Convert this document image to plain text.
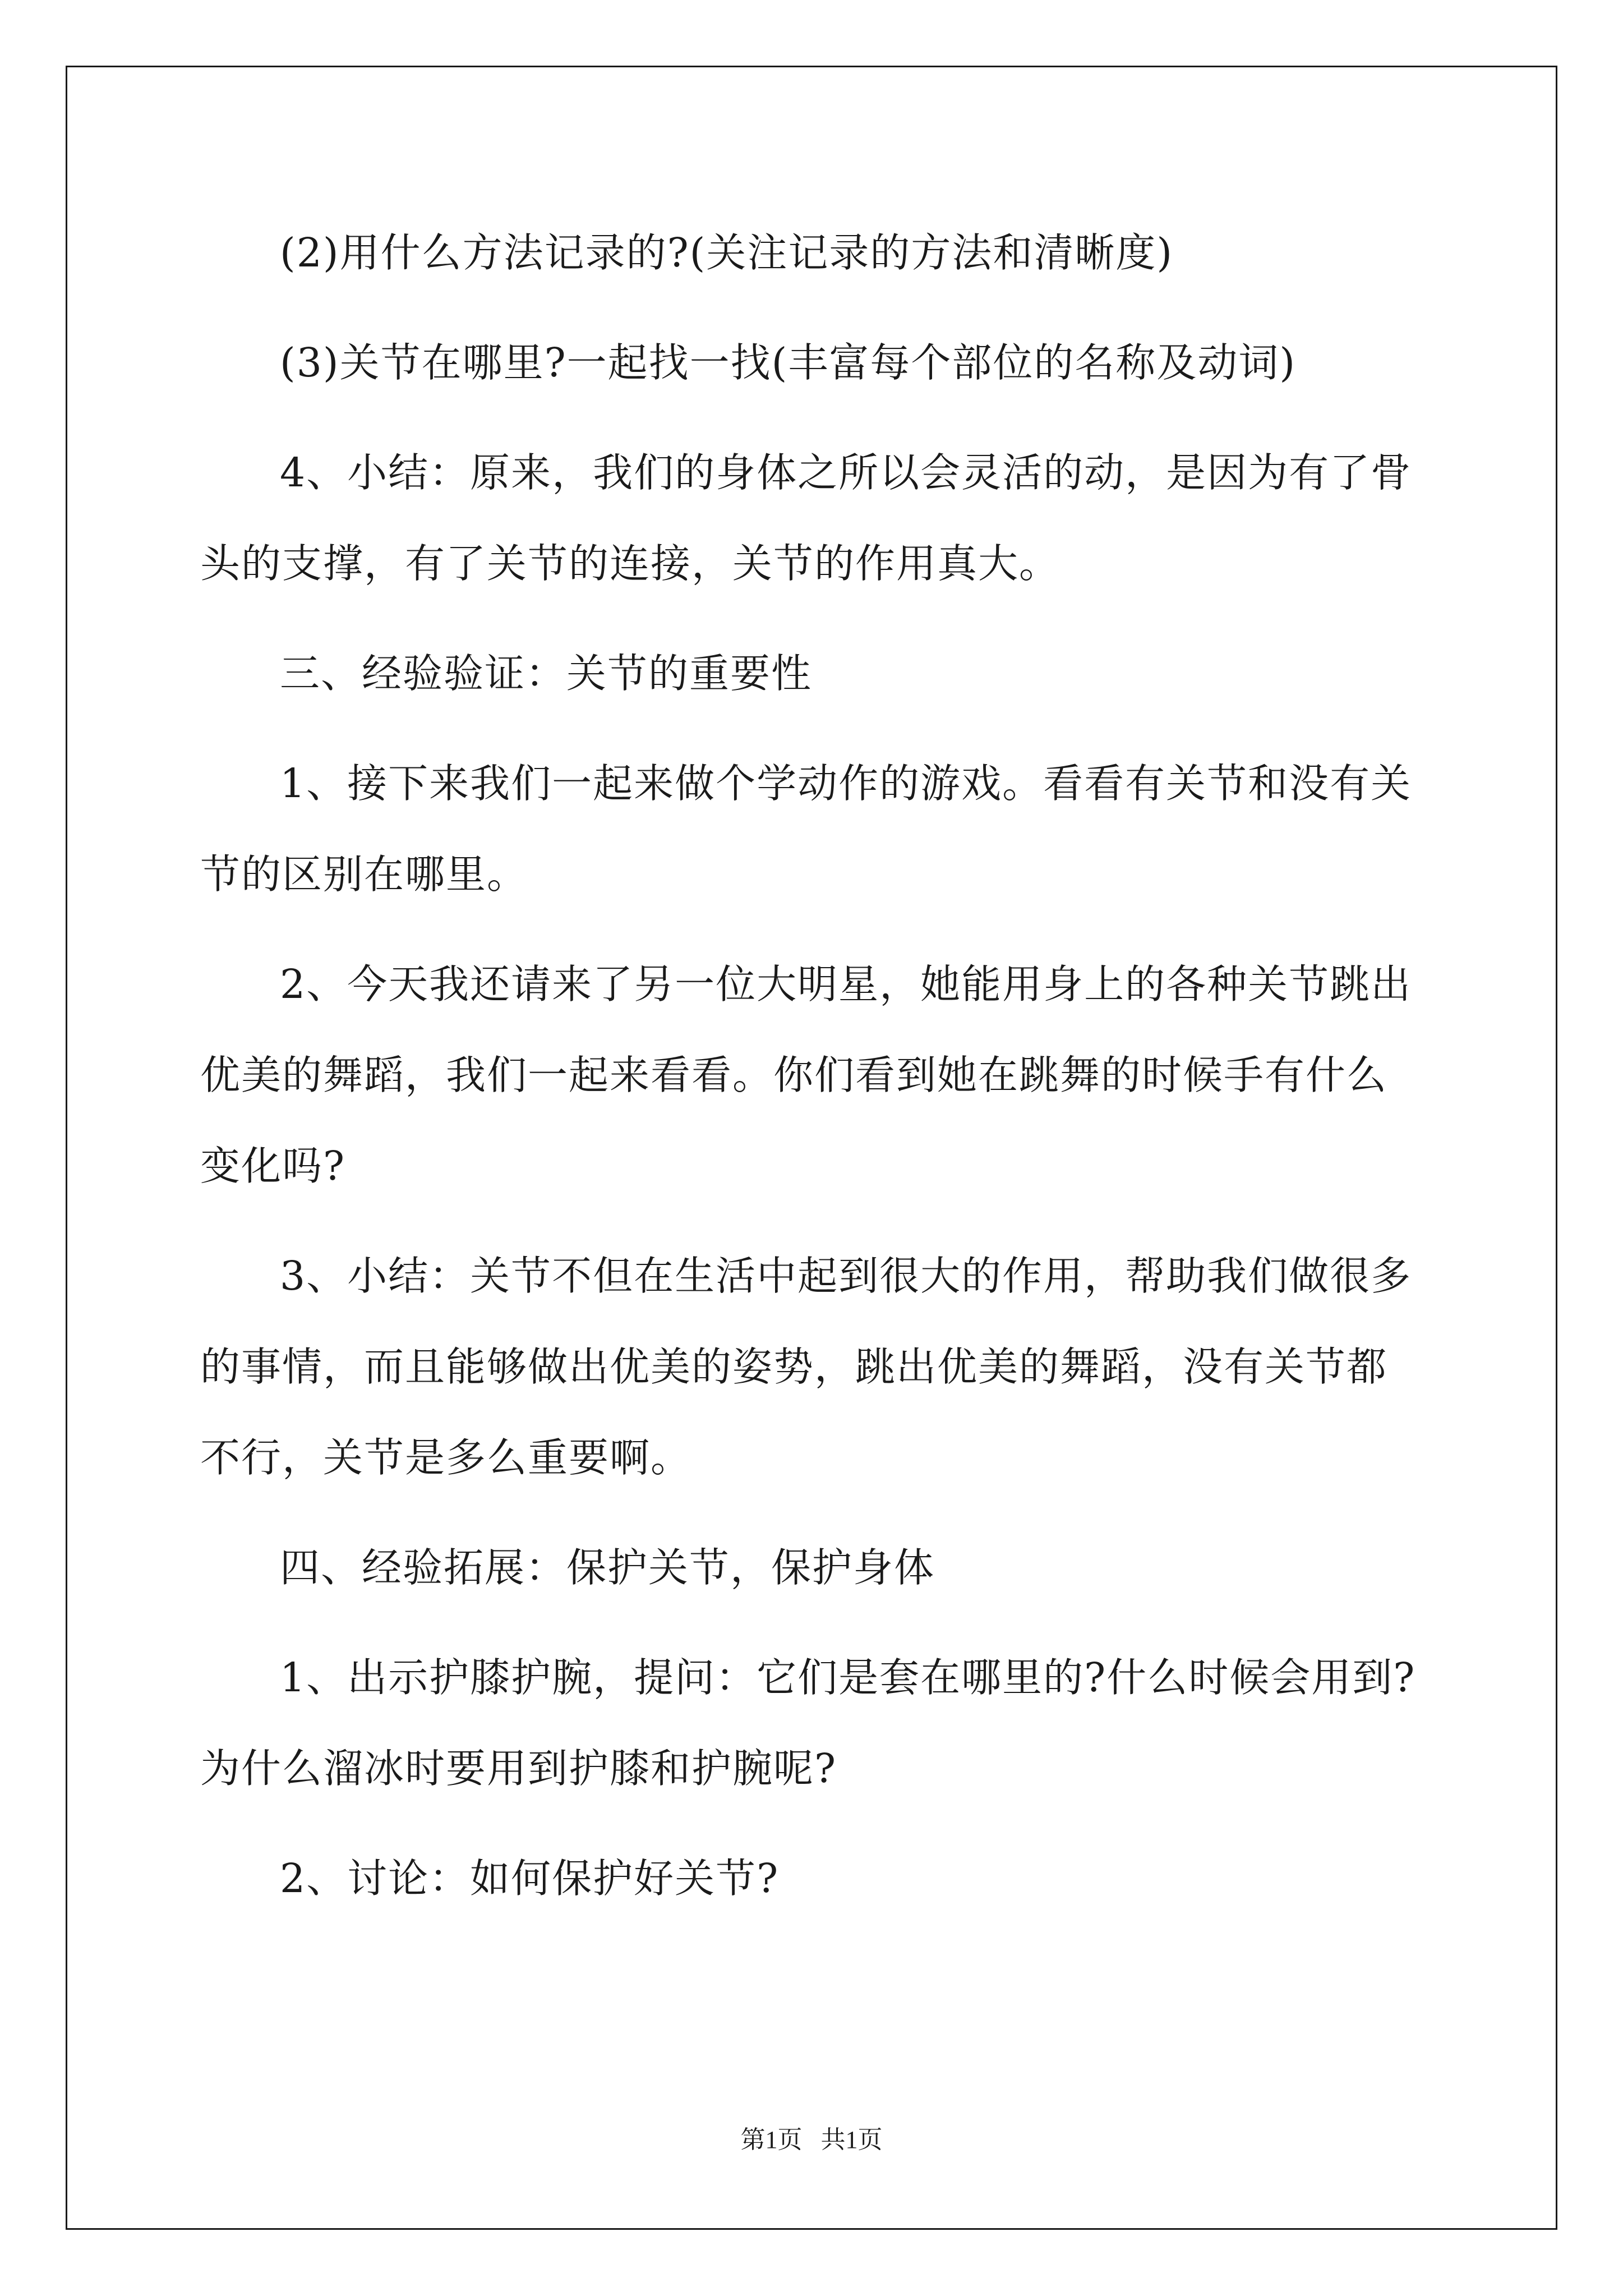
(2)用什么方法记录的?(关注记录的方法和清晰度)

(3)关节在哪里?一起找一找(丰富每个部位的名称及动词)

4、小结：原来，我们的身体之所以会灵活的动，是因为有了骨头的支撑，有了关节的连接，关节的作用真大。

三、经验验证：关节的重要性

1、接下来我们一起来做个学动作的游戏。看看有关节和没有关节的区别在哪里。

2、今天我还请来了另一位大明星，她能用身上的各种关节跳出优美的舞蹈，我们一起来看看。你们看到她在跳舞的时候手有什么变化吗?

3、小结：关节不但在生活中起到很大的作用，帮助我们做很多的事情，而且能够做出优美的姿势，跳出优美的舞蹈，没有关节都不行，关节是多么重要啊。

四、经验拓展：保护关节，保护身体

1、出示护膝护腕，提问：它们是套在哪里的?什么时候会用到?为什么溜冰时要用到护膝和护腕呢?

2、讨论：如何保护好关节?

第1页 共1页
